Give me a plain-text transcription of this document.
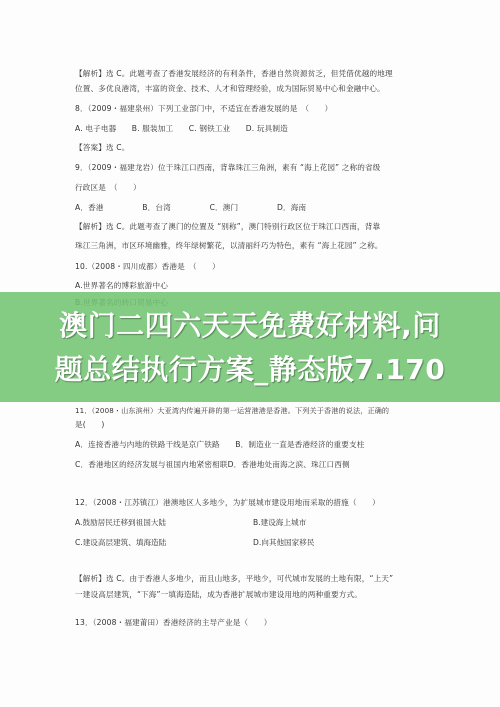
【解析】选 C。此题考查了香港发展经济的有利条件，香港自然资源贫乏，但凭借优越的地理
位置、多优良港湾，丰富的资金、技术、人才和管理经验，成为国际贸易中心和金融中心。
8．（2009・福建泉州）下列工业部门中，不适宜在香港发展的是　（　　）
A. 电子电器　　B. 服装加工　　C. 钢铁工业　　D. 玩具制造
【答案】选 C。
9．（2009・福建龙岩）位于珠江口西南，背靠珠江三角洲，素有 “海上花园” 之称的省级
行政区是　（　　）
A．香港　　　　　B．台湾　　　　　C．澳门　　　　　D．海南
【解析】选 C。此题考查了澳门的位置及 “别称”，澳门特别行政区位于珠江口西南，背靠
珠江三角洲，市区环境幽雅，终年绿树繁花，以清丽纤巧为特色，素有 “海上花园” 之称。
10.（2008・四川成都）香港是　（　　）
A.世界著名的博彩旅游中心
11．（2008・山东滨州）大亚湾内传遍开辟的第一运营港港是香港。下列关于香港的说法，正确的
是(　　)
A．连接香港与内地的铁路干线是京广铁路　　B．制造业一直是香港经济的重要支柱
C．香港地区的经济发展与祖国内地紧密相联D．香港地处南海之滨、珠江口西侧
12．（2008・江苏镇江）港澳地区人多地少，为扩展城市建设用地而采取的措施（　　）
A.鼓励居民迁移到祖国大陆	B.建设海上城市
C.建设高层建筑、填海造陆	D.向其他国家移民
【解析】选 C。由于香港人多地少，而且山地多，平地少，可代城市发展的土地有限，“上天”
一建设高层建筑，“下海”一填海造陆，成为香港扩展城市建设用地的两种重要方式。
13．（2008・福建莆田）香港经济的主导产业是（　　）
澳门二四六天天免费好材料,问
题总结执行方案_静态版7.170
